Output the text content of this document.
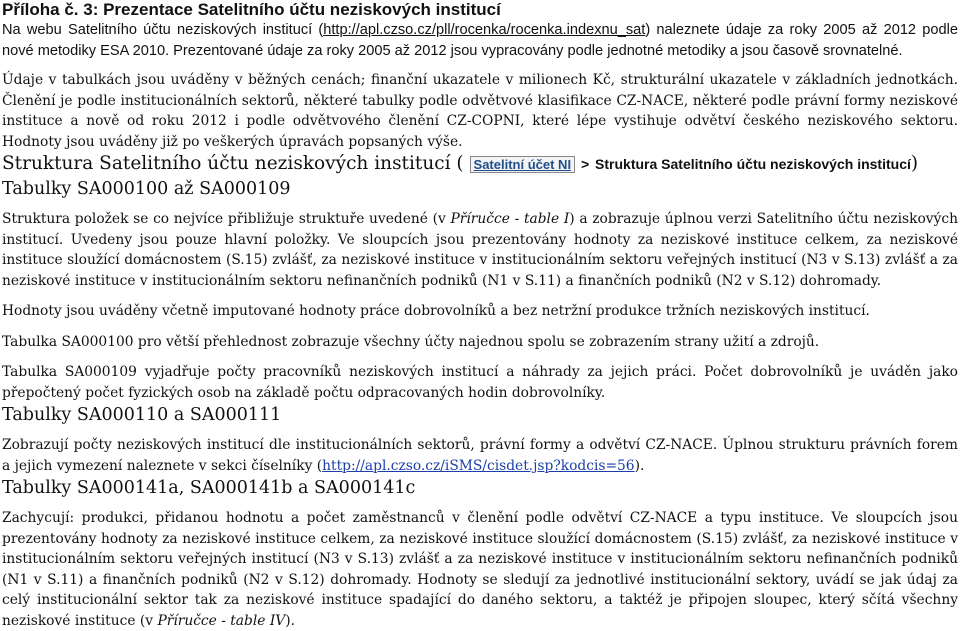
Příloha č. 3: Prezentace Satelitního účtu neziskových institucí

Na webu Satelitního účtu neziskových institucí (http://apl.czso.cz/pll/rocenka/rocenka.indexnu_sat) naleznete údaje za roky 2005 až 2012 podle nové metodiky ESA 2010. Prezentované údaje za roky 2005 až 2012 jsou vypracovány podle jednotné metodiky a jsou časově srovnatelné.

Údaje v tabulkách jsou uváděny v běžných cenách; finanční ukazatele v milionech Kč, strukturální ukazatele v základních jednotkách. Členění je podle institucionálních sektorů, některé tabulky podle odvětvové klasifikace CZ-NACE, některé podle právní formy neziskové instituce a nově od roku 2012 i podle odvětvového členění CZ-COPNI, které lépe vystihuje odvětví českého neziskového sektoru. Hodnoty jsou uváděny již po veškerých úpravách popsaných výše.

Struktura Satelitního účtu neziskových institucí ( Satelitní účet NI > Struktura Satelitního účtu neziskových institucí)
Tabulky SA000100 až SA000109

Struktura položek se co nejvíce přibližuje struktuře uvedené (v Příručce - table I) a zobrazuje úplnou verzi Satelitního účtu neziskových institucí. Uvedeny jsou pouze hlavní položky. Ve sloupcích jsou prezentovány hodnoty za neziskové instituce celkem, za neziskové instituce sloužící domácnostem (S.15) zvlášť, za neziskové instituce v institucionálním sektoru veřejných institucí (N3 v S.13) zvlášť a za neziskové instituce v institucionálním sektoru nefinančních podniků (N1 v S.11) a finančních podniků (N2 v S.12) dohromady.

Hodnoty jsou uváděny včetně imputované hodnoty práce dobrovolníků a bez netržní produkce tržních neziskových institucí.

Tabulka SA000100 pro větší přehlednost zobrazuje všechny účty najednou spolu se zobrazením strany užití a zdrojů.

Tabulka SA000109 vyjadřuje počty pracovníků neziskových institucí a náhrady za jejich práci. Počet dobrovolníků je uváděn jako přepočtený počet fyzických osob na základě počtu odpracovaných hodin dobrovolníky.

Tabulky SA000110 a SA000111

Zobrazují počty neziskových institucí dle institucionálních sektorů, právní formy a odvětví CZ-NACE. Úplnou strukturu právních forem a jejich vymezení naleznete v sekci číselníky (http://apl.czso.cz/iSMS/cisdet.jsp?kodcis=56).

Tabulky SA000141a, SA000141b a SA000141c

Zachycují: produkci, přidanou hodnotu a počet zaměstnanců v členění podle odvětví CZ-NACE a typu instituce. Ve sloupcích jsou prezentovány hodnoty za neziskové instituce celkem, za neziskové instituce sloužící domácnostem (S.15) zvlášť, za neziskové instituce v institucionálním sektoru veřejných institucí (N3 v S.13) zvlášť a za neziskové instituce v institucionálním sektoru nefinančních podniků (N1 v S.11) a finančních podniků (N2 v S.12) dohromady. Hodnoty se sledují za jednotlivé institucionální sektory, uvádí se jak údaj za celý institucionální sektor tak za neziskové instituce spadající do daného sektoru, a taktéž je připojen sloupec, který sčítá všechny neziskové instituce (v Příručce - table IV).
